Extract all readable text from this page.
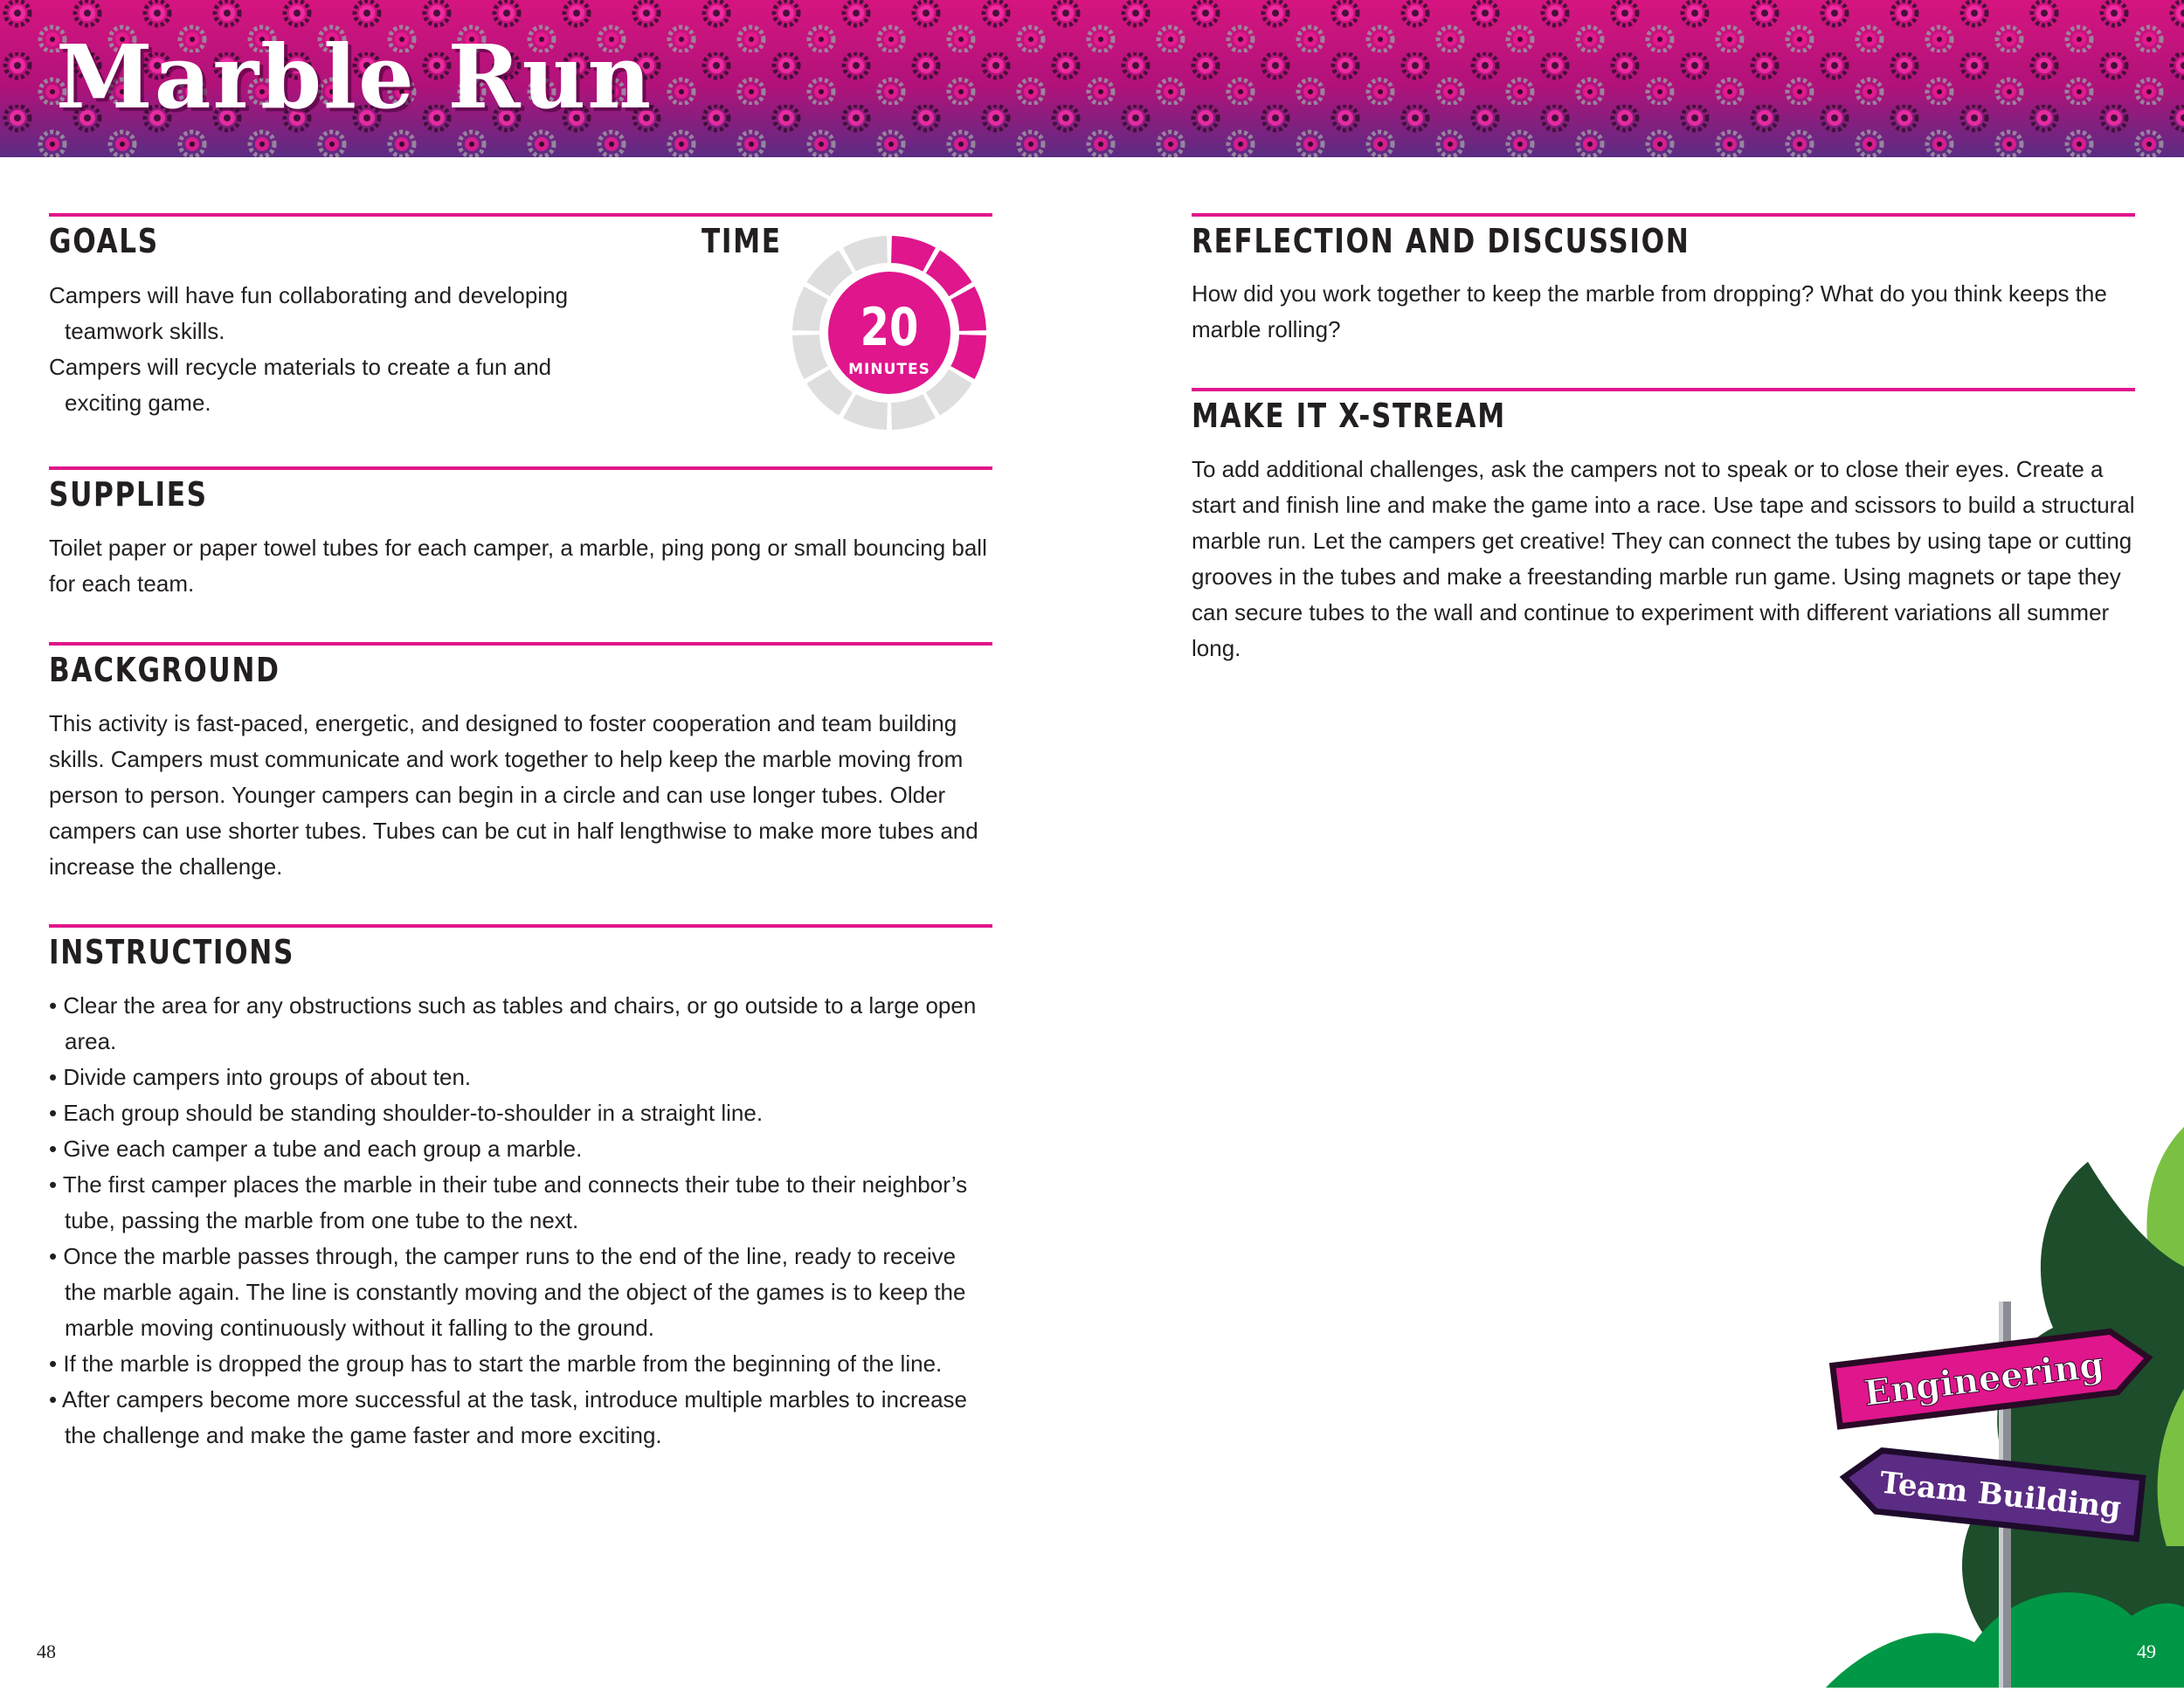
Marble Run
GOALS

Campers will have fun collaborating and developing teamwork skills.

Campers will recycle materials to create a fun and exciting game.

TIME
20
MINUTES
SUPPLIES

Toilet paper or paper towel tubes for each camper, a marble, ping pong or small bouncing ball for each team.

BACKGROUND

This activity is fast-paced, energetic, and designed to foster cooperation and team building skills. Campers must communicate and work together to help keep the marble moving from person to person. Younger campers can begin in a circle and can use longer tubes. Older campers can use shorter tubes. Tubes can be cut in half lengthwise to make more tubes and increase the challenge.

INSTRUCTIONS
• Clear the area for any obstructions such as tables and chairs, or go outside to a large open area.
• Divide campers into groups of about ten.
• Each group should be standing shoulder-to-shoulder in a straight line.
• Give each camper a tube and each group a marble.
• The first camper places the marble in their tube and connects their tube to their neighbor’s tube, passing the marble from one tube to the next.
• Once the marble passes through, the camper runs to the end of the line, ready to receive the marble again. The line is constantly moving and the object of the games is to keep the marble moving continuously without it falling to the ground.
• If the marble is dropped the group has to start the marble from the beginning of the line.
• After campers become more successful at the task, introduce multiple marbles to increase the challenge and make the game faster and more exciting.
48
REFLECTION AND DISCUSSION

How did you work together to keep the marble from dropping? What do you think keeps the marble rolling?

MAKE IT X-STREAM

To add additional challenges, ask the campers not to speak or to close their eyes. Create a start and finish line and make the game into a race. Use tape and scissors to build a structural marble run. Let the campers get creative! They can connect the tubes by using tape or cutting grooves in the tubes and make a freestanding marble run game. Using magnets or tape they can secure tubes to the wall and continue to experiment with different variations all summer long.

Engineering
Team Building
49
